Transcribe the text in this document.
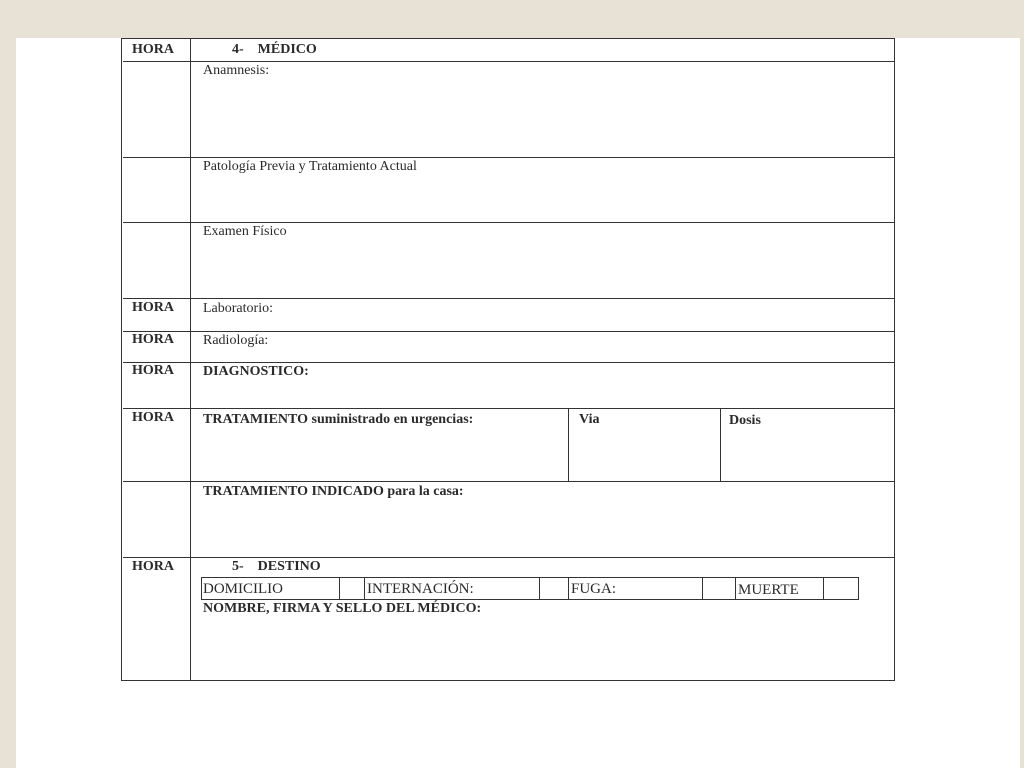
HORA	4-    MÉDICO
Anamnesis:
Patología Previa y Tratamiento Actual
Examen Físico
HORA Laboratorio:
HORA Radiología:
HORA DIAGNOSTICO:
HORA TRATAMIENTO suministrado en urgencias:	Via	Dosis
TRATAMIENTO INDICADO para la casa:
HORA	5-    DESTINO
DOMICILIO	INTERNACIÓN:	FUGA:	MUERTE
NOMBRE, FIRMA Y SELLO DEL MÉDICO:
